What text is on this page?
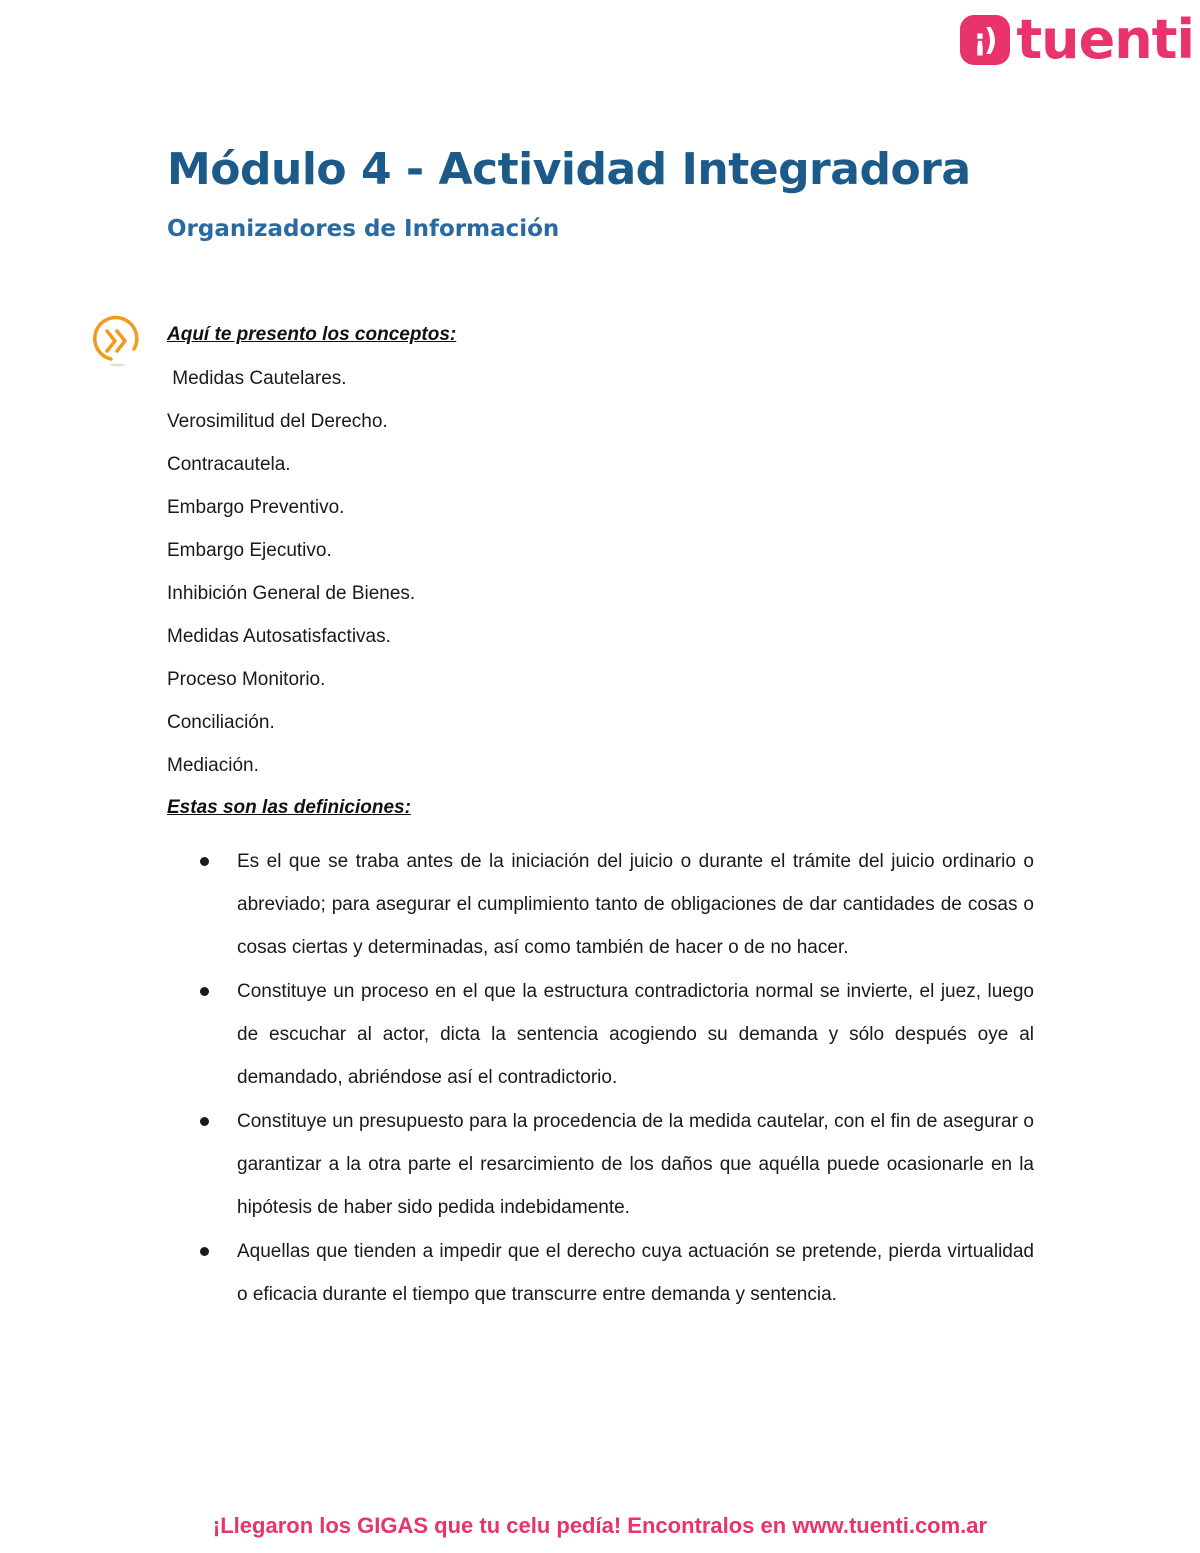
¡) tuenti
Módulo 4 - Actividad Integradora
Organizadores de Información
Aquí te presento los conceptos:
Medidas Cautelares.
Verosimilitud del Derecho.
Contracautela.
Embargo Preventivo.
Embargo Ejecutivo.
Inhibición General de Bienes.
Medidas Autosatisfactivas.
Proceso Monitorio.
Conciliación.
Mediación.
Estas son las definiciones:
Es el que se traba antes de la iniciación del juicio o durante el trámite del juicio ordinario o abreviado; para asegurar el cumplimiento tanto de obligaciones de dar cantidades de cosas o cosas ciertas y determinadas, así como también de hacer o de no hacer.
Constituye un proceso en el que la estructura contradictoria normal se invierte, el juez, luego de escuchar al actor, dicta la sentencia acogiendo su demanda y sólo después oye al demandado, abriéndose así el contradictorio.
Constituye un presupuesto para la procedencia de la medida cautelar, con el fin de asegurar o garantizar a la otra parte el resarcimiento de los daños que aquélla puede ocasionarle en la hipótesis de haber sido pedida indebidamente.
Aquellas que tienden a impedir que el derecho cuya actuación se pretende, pierda virtualidad o eficacia durante el tiempo que transcurre entre demanda y sentencia.
¡Llegaron los GIGAS que tu celu pedía! Encontralos en www.tuenti.com.ar
